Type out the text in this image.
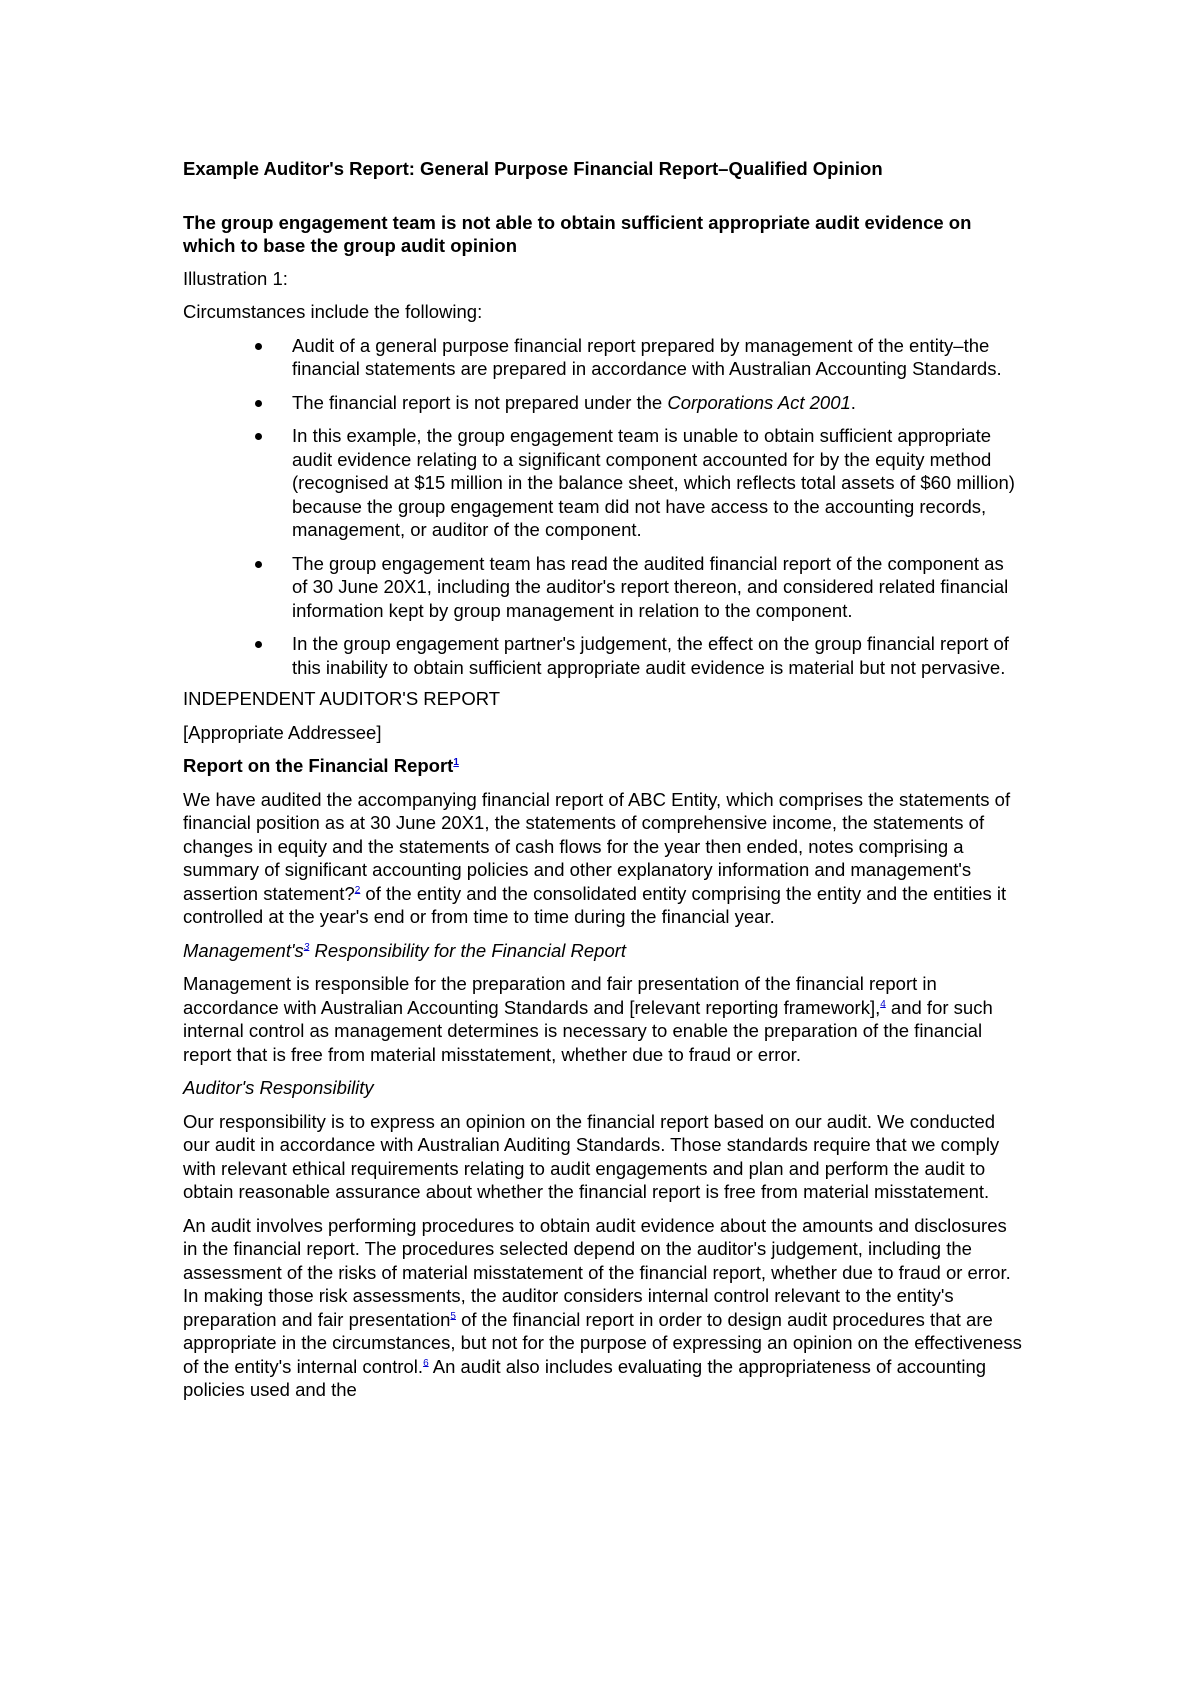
Example Auditor's Report: General Purpose Financial Report–Qualified Opinion

The group engagement team is not able to obtain sufficient appropriate audit evidence on which to base the group audit opinion

Illustration 1:

Circumstances include the following:

Audit of a general purpose financial report prepared by management of the entity–the financial statements are prepared in accordance with Australian Accounting Standards.
The financial report is not prepared under the Corporations Act 2001.
In this example, the group engagement team is unable to obtain sufficient appropriate audit evidence relating to a significant component accounted for by the equity method (recognised at $15 million in the balance sheet, which reflects total assets of $60 million) because the group engagement team did not have access to the accounting records, management, or auditor of the component.
The group engagement team has read the audited financial report of the component as of 30 June 20X1, including the auditor's report thereon, and considered related financial information kept by group management in relation to the component.
In the group engagement partner's judgement, the effect on the group financial report of this inability to obtain sufficient appropriate audit evidence is material but not pervasive.

INDEPENDENT AUDITOR'S REPORT

[Appropriate Addressee]

Report on the Financial Report$^1$

We have audited the accompanying financial report of ABC Entity, which comprises the statements of financial position as at 30 June 20X1, the statements of comprehensive income, the statements of changes in equity and the statements of cash flows for the year then ended, notes comprising a summary of significant accounting policies and other explanatory information and management's assertion statement?$^2$ of the entity and the consolidated entity comprising the entity and the entities it controlled at the year's end or from time to time during the financial year.

Management's$^3$ Responsibility for the Financial Report

Management is responsible for the preparation and fair presentation of the financial report in accordance with Australian Accounting Standards and [relevant reporting framework],$^4$ and for such internal control as management determines is necessary to enable the preparation of the financial report that is free from material misstatement, whether due to fraud or error.

Auditor's Responsibility

Our responsibility is to express an opinion on the financial report based on our audit. We conducted our audit in accordance with Australian Auditing Standards. Those standards require that we comply with relevant ethical requirements relating to audit engagements and plan and perform the audit to obtain reasonable assurance about whether the financial report is free from material misstatement.

An audit involves performing procedures to obtain audit evidence about the amounts and disclosures in the financial report. The procedures selected depend on the auditor's judgement, including the assessment of the risks of material misstatement of the financial report, whether due to fraud or error. In making those risk assessments, the auditor considers internal control relevant to the entity's preparation and fair presentation$^5$ of the financial report in order to design audit procedures that are appropriate in the circumstances, but not for the purpose of expressing an opinion on the effectiveness of the entity's internal control.$^6$ An audit also includes evaluating the appropriateness of accounting policies used and the
